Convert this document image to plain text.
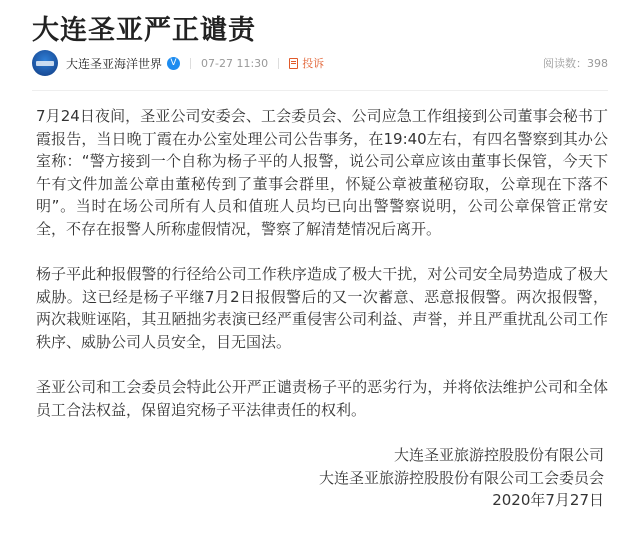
大连圣亚严正谴责
大连圣亚海洋世界 V	07-27 11:30	投诉	阅读数：398

7月24日夜间，圣亚公司安委会、工会委员会、公司应急工作组接到公司董事会秘书丁霞报告，当日晚丁霞在办公室处理公司公告事务，在19:40左右，有四名警察到其办公室称：“警方接到一个自称为杨子平的人报警，说公司公章应该由董事长保管，今天下午有文件加盖公章由董秘传到了董事会群里，怀疑公章被董秘窃取，公章现在下落不明”。当时在场公司所有人员和值班人员均已向出警警察说明，公司公章保管正常安全，不存在报警人所称虚假情况，警察了解清楚情况后离开。

杨子平此种报假警的行径给公司工作秩序造成了极大干扰，对公司安全局势造成了极大威胁。这已经是杨子平继7月2日报假警后的又一次蓄意、恶意报假警。两次报假警，两次栽赃诬陷，其丑陋拙劣表演已经严重侵害公司利益、声誉，并且严重扰乱公司工作秩序、威胁公司人员安全，目无国法。

圣亚公司和工会委员会特此公开严正谴责杨子平的恶劣行为，并将依法维护公司和全体员工合法权益，保留追究杨子平法律责任的权利。

大连圣亚旅游控股股份有限公司
大连圣亚旅游控股股份有限公司工会委员会
2020年7月27日
